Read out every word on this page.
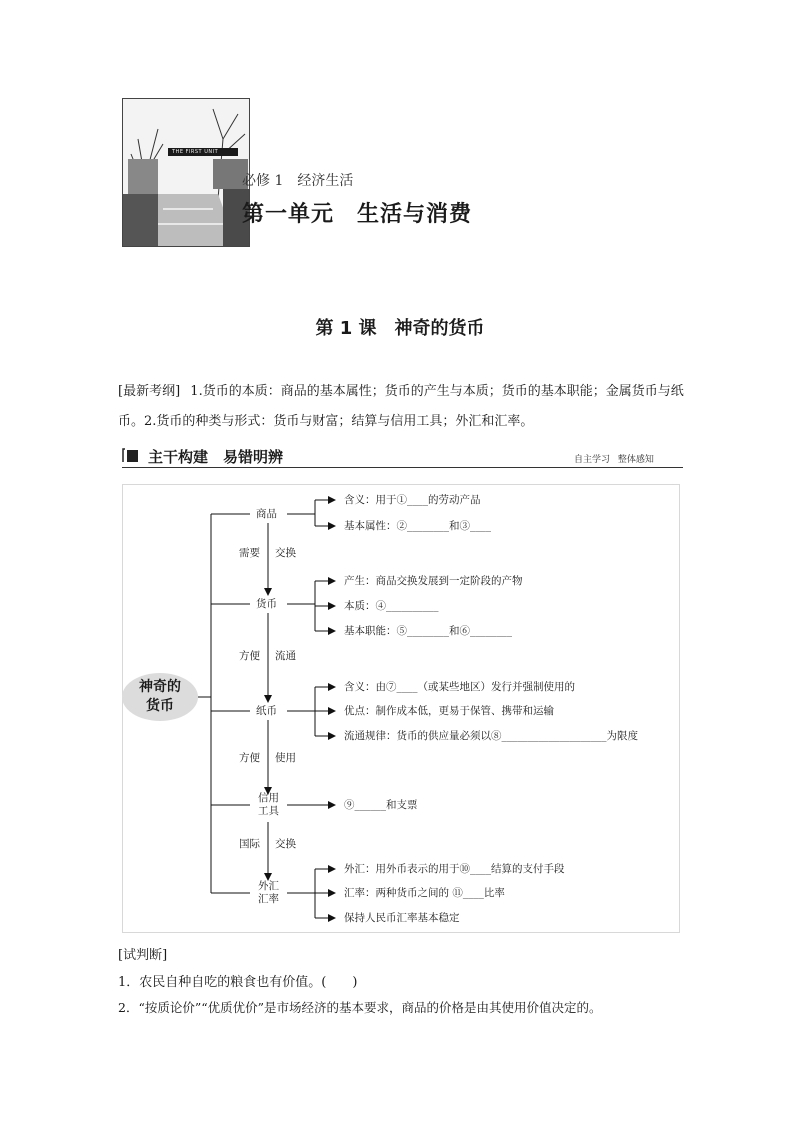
THE FIRST UNIT
必修 1　经济生活
第一单元　生活与消费
第 1 课　神奇的货币
[最新考纲] 1.货币的本质：商品的基本属性；货币的产生与本质；货币的基本职能；金属货币与纸币。2.货币的种类与形式：货币与财富；结算与信用工具；外汇和汇率。
主干构建　易错明辨	自主学习 整体感知
神奇的
货币
商品
货币
纸币
信用
工具
外汇
汇率
需要 交换
方便 流通
方便 使用
国际 交换
含义：用于①____的劳动产品
基本属性：②________和③____
产生：商品交换发展到一定阶段的产物
本质：④__________
基本职能：⑤________和⑥________
含义：由⑦____（或某些地区）发行并强制使用的
优点：制作成本低，更易于保管、携带和运输
流通规律：货币的供应量必须以⑧____________________为限度
⑨______和支票
外汇：用外币表示的用于⑩____结算的支付手段
汇率：两种货币之间的 ⑪____比率
保持人民币汇率基本稳定
[试判断]
1．农民自种自吃的粮食也有价值。(　　)
2．“按质论价”“优质优价”是市场经济的基本要求，商品的价格是由其使用价值决定的。
